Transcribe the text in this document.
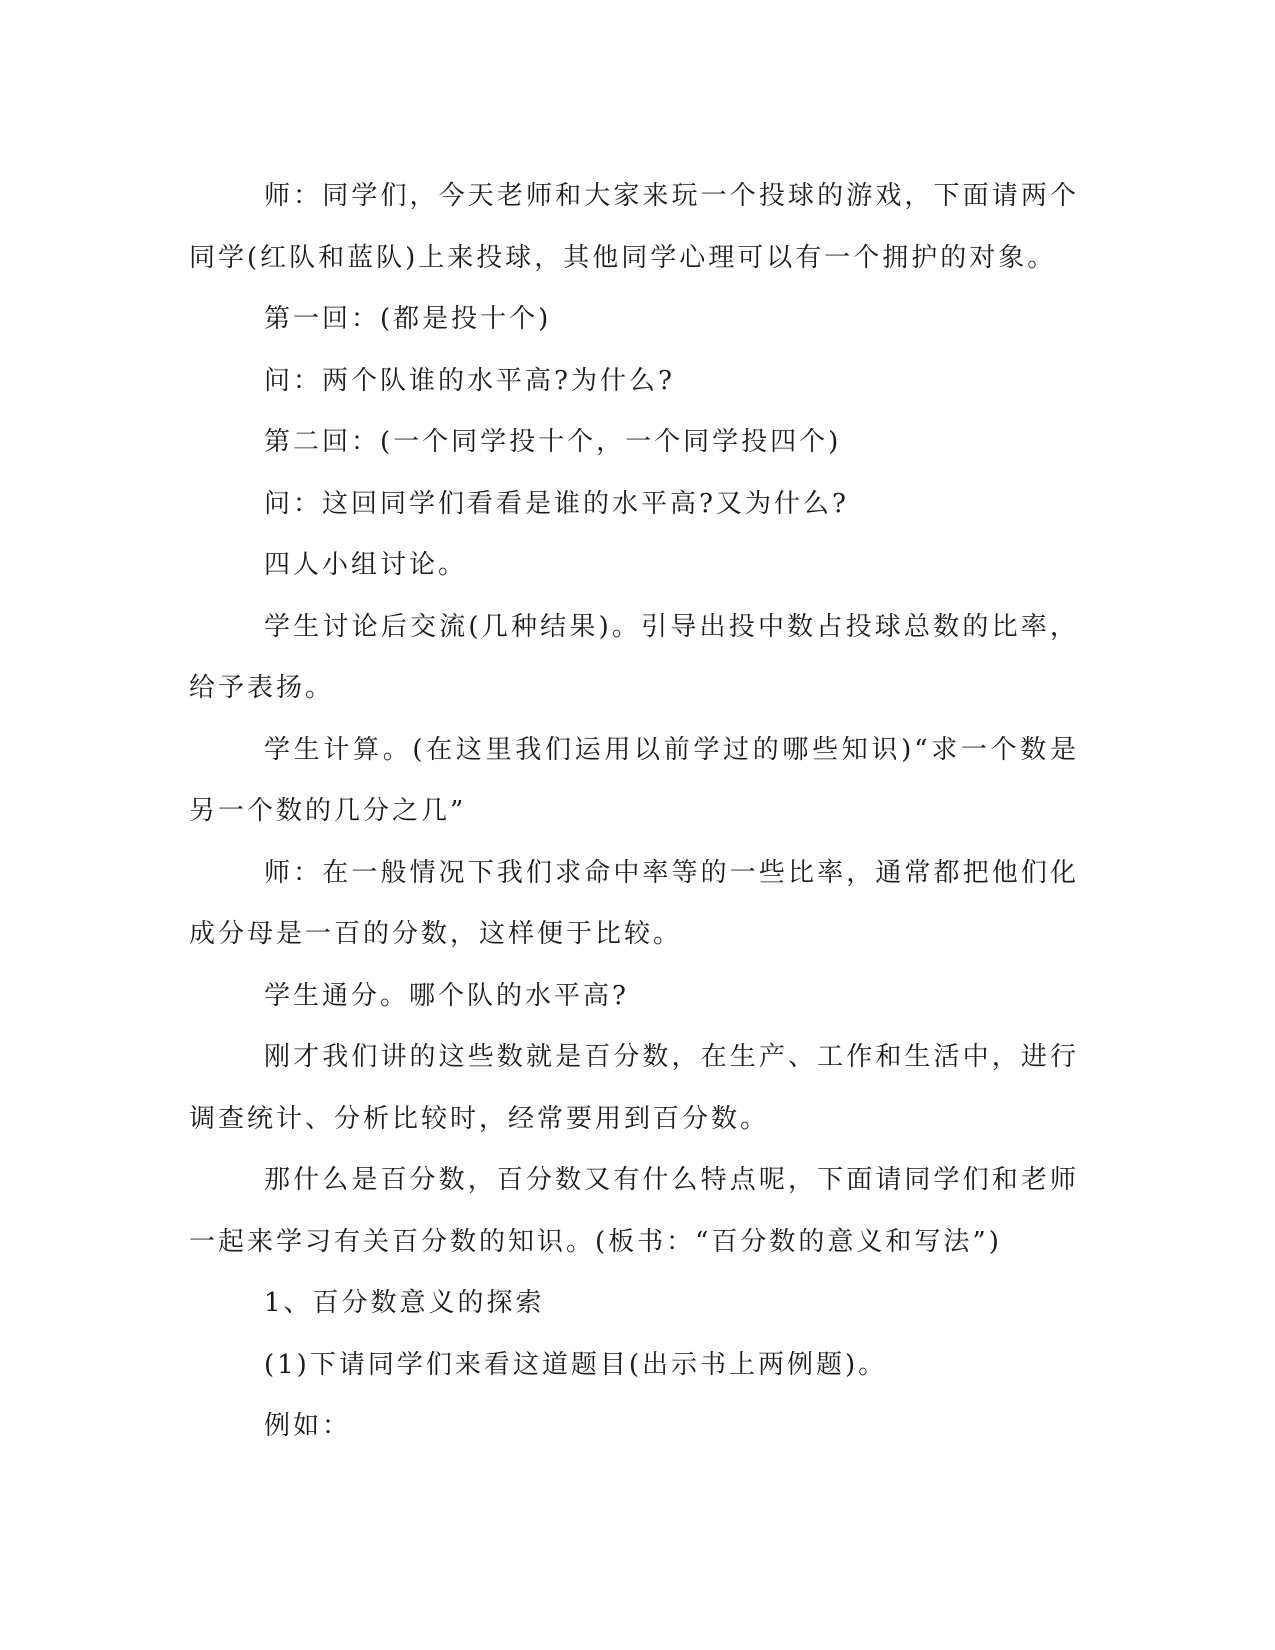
师：同学们，今天老师和大家来玩一个投球的游戏，下面请两个同学(红队和蓝队)上来投球，其他同学心理可以有一个拥护的对象。

第一回：(都是投十个)

问：两个队谁的水平高?为什么?

第二回：(一个同学投十个，一个同学投四个)

问：这回同学们看看是谁的水平高?又为什么?

四人小组讨论。

学生讨论后交流(几种结果)。引导出投中数占投球总数的比率，给予表扬。

学生计算。(在这里我们运用以前学过的哪些知识)“求一个数是另一个数的几分之几”

师：在一般情况下我们求命中率等的一些比率，通常都把他们化成分母是一百的分数，这样便于比较。

学生通分。哪个队的水平高?

刚才我们讲的这些数就是百分数，在生产、工作和生活中，进行调查统计、分析比较时，经常要用到百分数。

那什么是百分数，百分数又有什么特点呢，下面请同学们和老师一起来学习有关百分数的知识。(板书：“百分数的意义和写法”)

1、百分数意义的探索

(1)下请同学们来看这道题目(出示书上两例题)。

例如：
